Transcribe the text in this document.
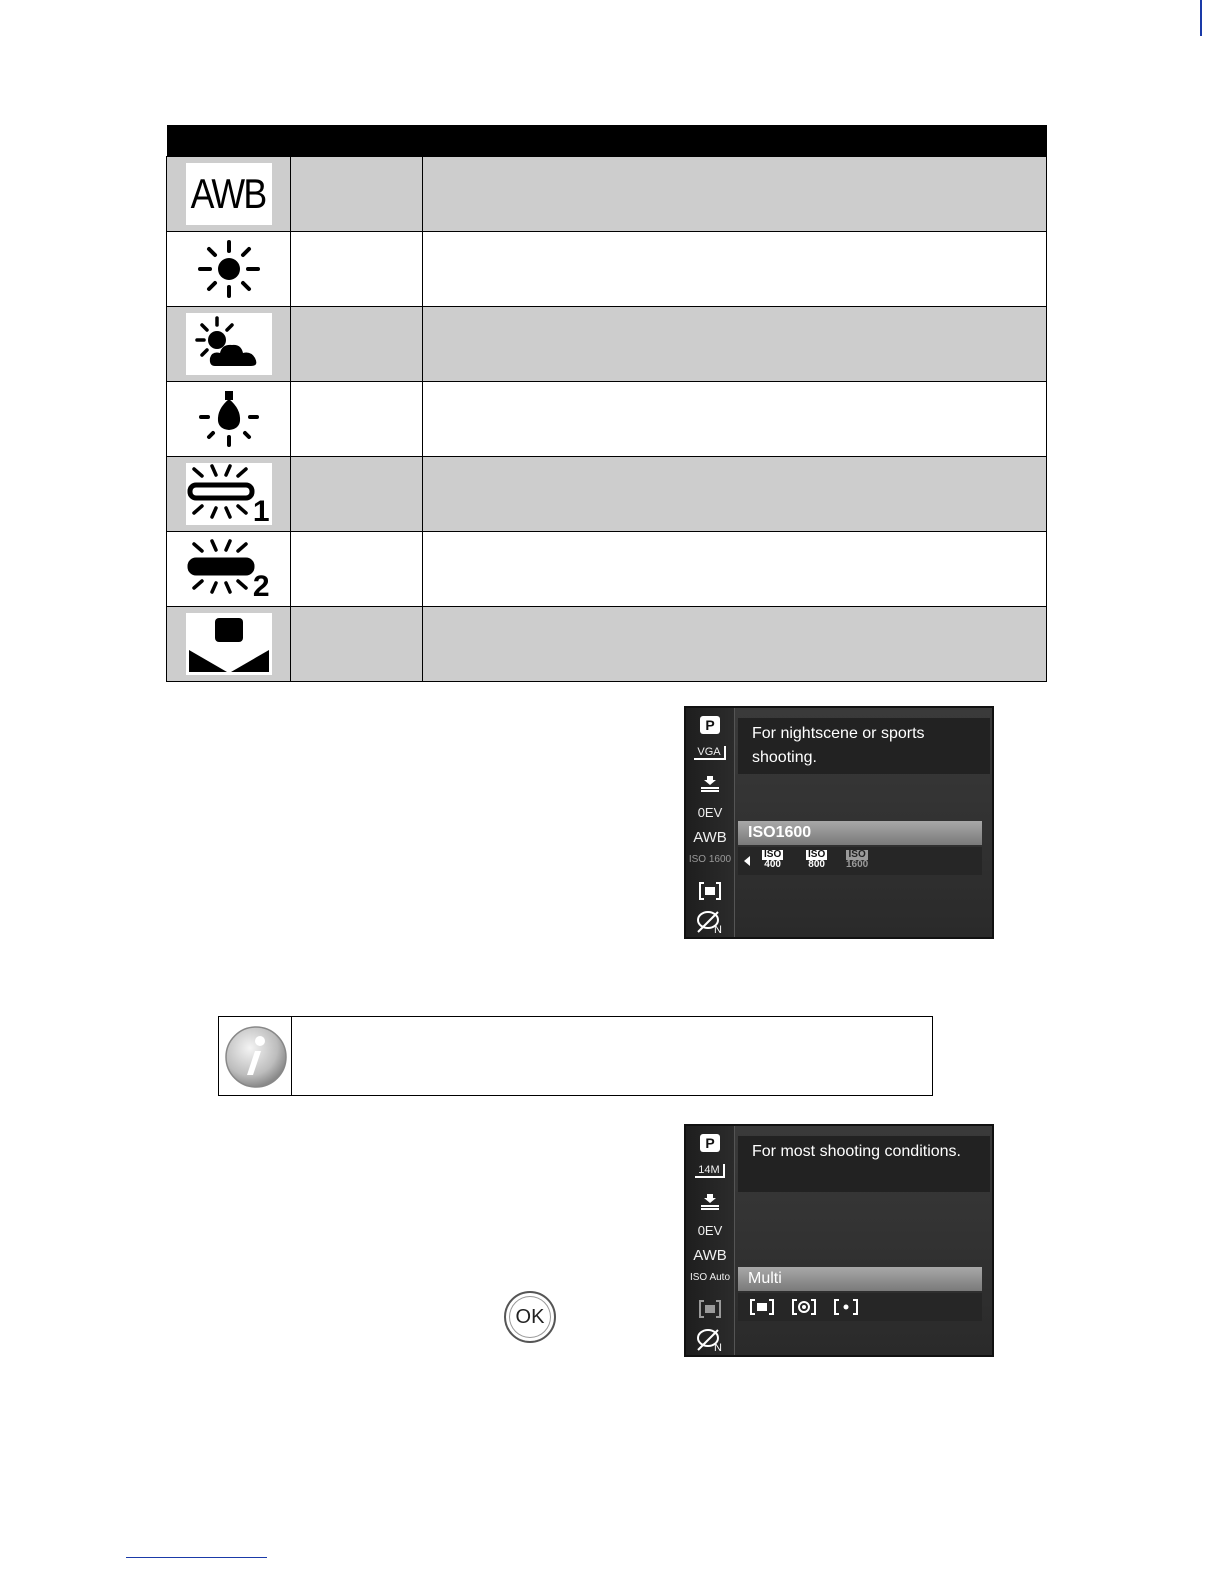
AWB		

1		

2		

P
VGA
0EV
AWB
ISO 1600
N
For nightscene or sports shooting.
ISO1600
ISO
400
ISO
800
ISO
1600
OK
P
14M
0EV
AWB
ISO Auto
N
For most shooting conditions.
Multi
